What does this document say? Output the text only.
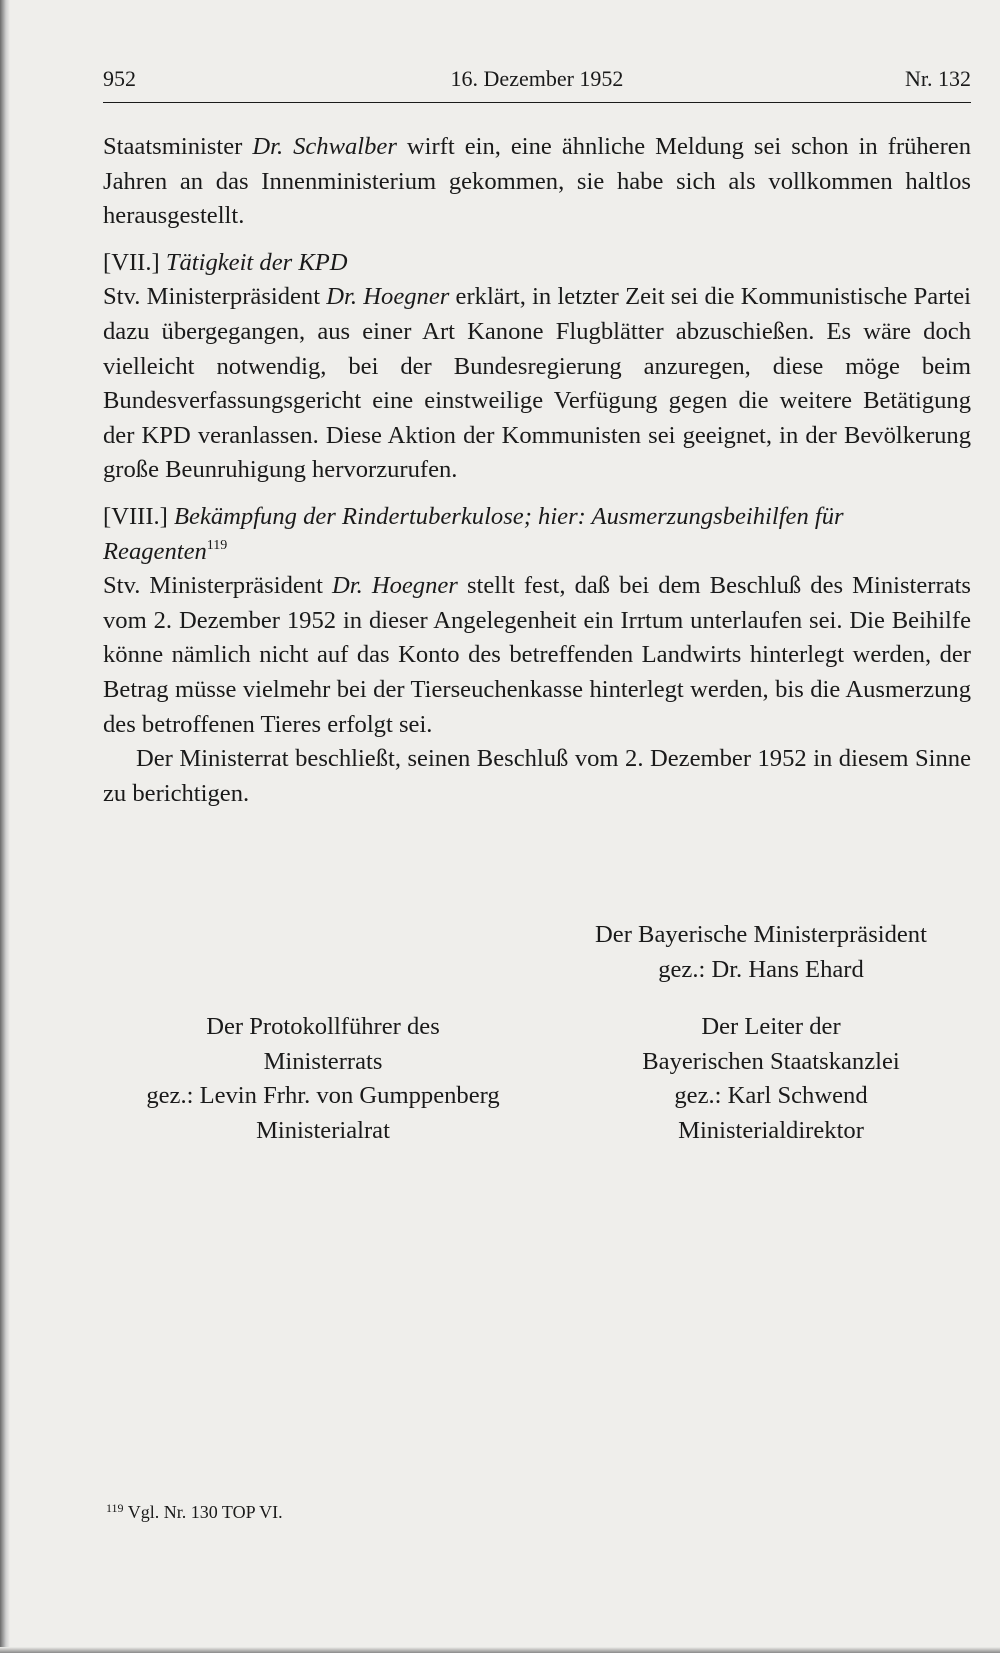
952	16. Dezember 1952	Nr. 132

Staatsminister Dr. Schwalber wirft ein, eine ähnliche Meldung sei schon in früheren Jahren an das Innenministerium gekommen, sie habe sich als vollkommen haltlos herausgestellt.

[VII.] Tätigkeit der KPD

Stv. Ministerpräsident Dr. Hoegner erklärt, in letzter Zeit sei die Kommunistische Partei dazu übergegangen, aus einer Art Kanone Flugblätter abzuschießen. Es wäre doch vielleicht notwendig, bei der Bundesregierung anzuregen, diese möge beim Bundesverfassungsgericht eine einstweilige Verfügung gegen die weitere Betätigung der KPD veranlassen. Diese Aktion der Kommunisten sei geeignet, in der Bevölkerung große Beunruhigung hervorzurufen.

[VIII.] Bekämpfung der Rindertuberkulose; hier: Ausmerzungsbeihilfen für Reagenten$^{119}$

Stv. Ministerpräsident Dr. Hoegner stellt fest, daß bei dem Beschluß des Ministerrats vom 2. Dezember 1952 in dieser Angelegenheit ein Irrtum unterlaufen sei. Die Beihilfe könne nämlich nicht auf das Konto des betreffenden Landwirts hinterlegt werden, der Betrag müsse vielmehr bei der Tierseuchenkasse hinterlegt werden, bis die Ausmerzung des betroffenen Tieres erfolgt sei.

Der Ministerrat beschließt, seinen Beschluß vom 2. Dezember 1952 in diesem Sinne zu berichtigen.

Der Bayerische Ministerpräsident
gez.: Dr. Hans Ehard
Der Protokollführer des
Ministerrats
gez.: Levin Frhr. von Gumppenberg
Ministerialrat
Der Leiter der
Bayerischen Staatskanzlei
gez.: Karl Schwend
Ministerialdirektor
$^{119}$ Vgl. Nr. 130 TOP VI.
